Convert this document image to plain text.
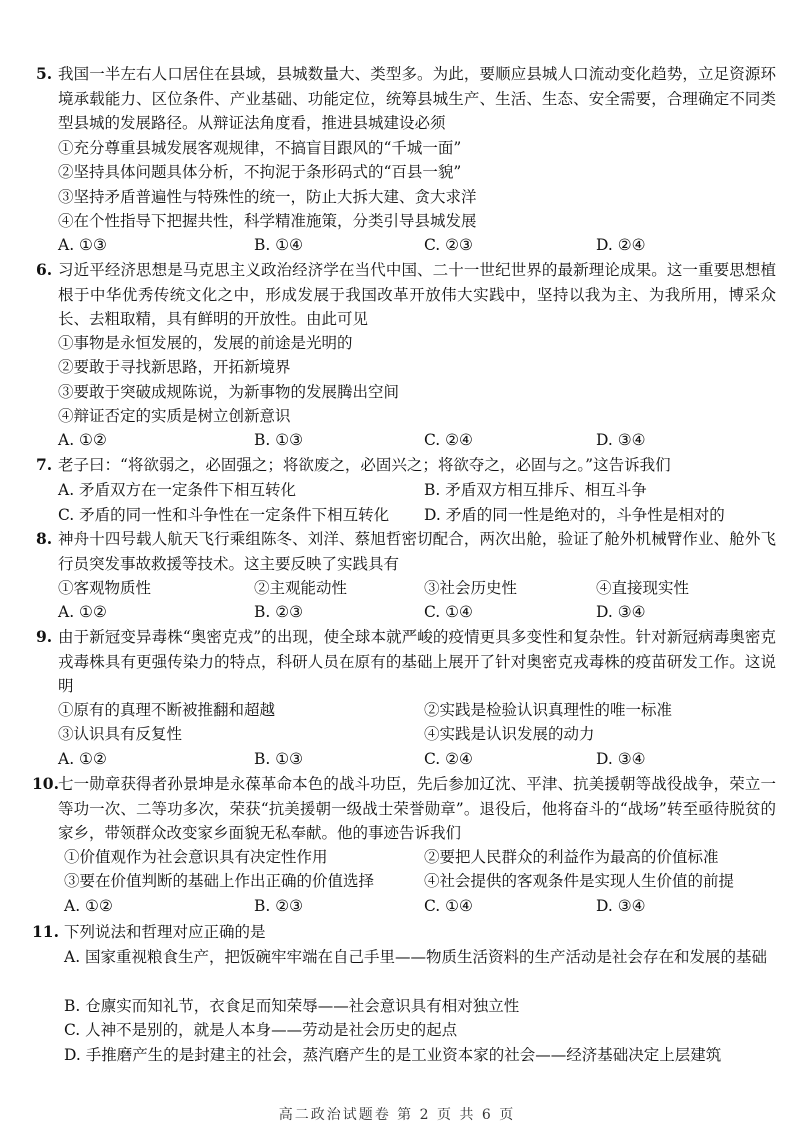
5. 我国一半左右人口居住在县域，县城数量大、类型多。为此，要顺应县城人口流动变化趋势，立足资源环境承载能力、区位条件、产业基础、功能定位，统筹县城生产、生活、生态、安全需要，合理确定不同类型县城的发展路径。从辩证法角度看，推进县城建设必须
①充分尊重县城发展客观规律，不搞盲目跟风的“千城一面”
②坚持具体问题具体分析，不拘泥于条形码式的“百县一貌”
③坚持矛盾普遍性与特殊性的统一，防止大拆大建、贪大求洋
④在个性指导下把握共性，科学精准施策，分类引导县城发展
A. ①③	B. ①④	C. ②③	D. ②④
6. 习近平经济思想是马克思主义政治经济学在当代中国、二十一世纪世界的最新理论成果。这一重要思想植根于中华优秀传统文化之中，形成发展于我国改革开放伟大实践中，坚持以我为主、为我所用，博采众长、去粗取精，具有鲜明的开放性。由此可见
①事物是永恒发展的，发展的前途是光明的
②要敢于寻找新思路，开拓新境界
③要敢于突破成规陈说，为新事物的发展腾出空间
④辩证否定的实质是树立创新意识
A. ①②	B. ①③	C. ②④	D. ③④
7. 老子曰：“将欲弱之，必固强之；将欲废之，必固兴之；将欲夺之，必固与之。”这告诉我们
A. 矛盾双方在一定条件下相互转化	B. 矛盾双方相互排斥、相互斗争
C. 矛盾的同一性和斗争性在一定条件下相互转化 D. 矛盾的同一性是绝对的，斗争性是相对的
8. 神舟十四号载人航天飞行乘组陈冬、刘洋、蔡旭哲密切配合，两次出舱，验证了舱外机械臂作业、舱外飞行员突发事故救援等技术。这主要反映了实践具有
①客观物质性	②主观能动性	③社会历史性	④直接现实性
A. ①②	B. ②③	C. ①④	D. ③④
9. 由于新冠变异毒株“奥密克戎”的出现，使全球本就严峻的疫情更具多变性和复杂性。针对新冠病毒奥密克戎毒株具有更强传染力的特点，科研人员在原有的基础上展开了针对奥密克戎毒株的疫苗研发工作。这说明
①原有的真理不断被推翻和超越	②实践是检验认识真理性的唯一标准
③认识具有反复性	④实践是认识发展的动力
A. ①②	B. ①③	C. ②④	D. ③④
10. 七一勋章获得者孙景坤是永葆革命本色的战斗功臣，先后参加辽沈、平津、抗美援朝等战役战争，荣立一等功一次、二等功多次，荣获“抗美援朝一级战士荣誉勋章”。退役后，他将奋斗的“战场”转至亟待脱贫的家乡，带领群众改变家乡面貌无私奉献。他的事迹告诉我们
①价值观作为社会意识具有决定性作用	②要把人民群众的利益作为最高的价值标准
③要在价值判断的基础上作出正确的价值选择	④社会提供的客观条件是实现人生价值的前提
A. ①②	B. ②③	C. ①④	D. ③④
11. 下列说法和哲理对应正确的是
A. 国家重视粮食生产，把饭碗牢牢端在自己手里——物质生活资料的生产活动是社会存在和发展的基础
B. 仓廪实而知礼节，衣食足而知荣辱——社会意识具有相对独立性
C. 人神不是别的，就是人本身——劳动是社会历史的起点
D. 手推磨产生的是封建主的社会，蒸汽磨产生的是工业资本家的社会——经济基础决定上层建筑
高二政治试题卷 第 2 页 共 6 页
